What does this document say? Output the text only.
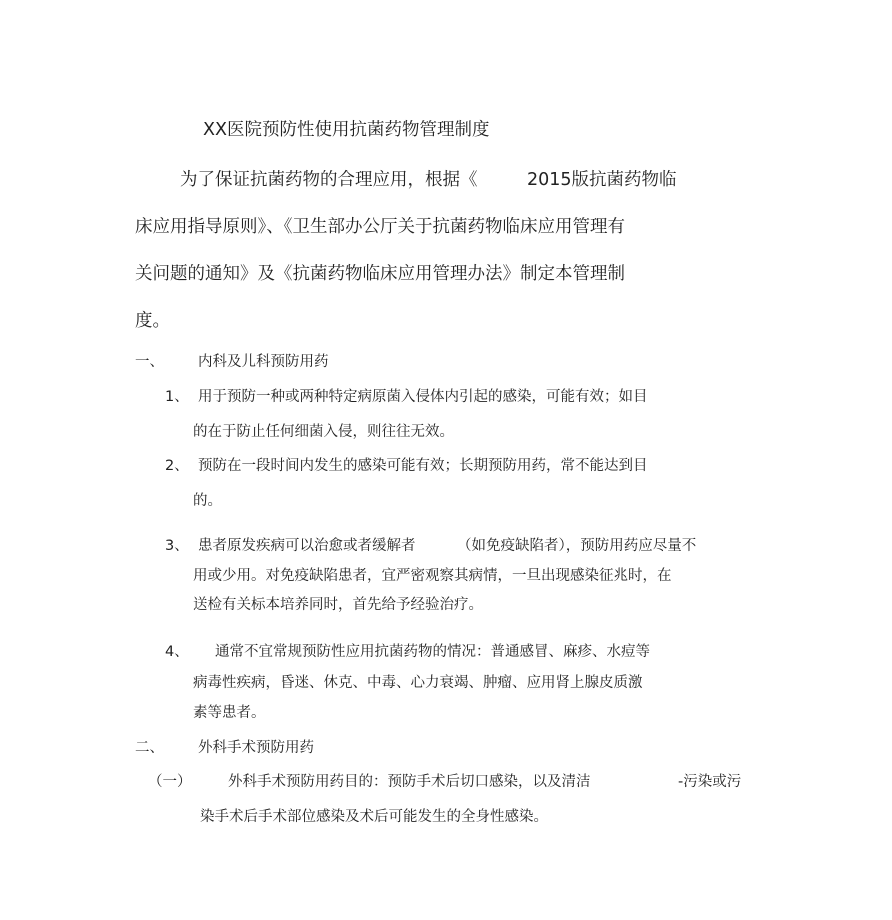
XX医院预防性使用抗菌药物管理制度
为了保证抗菌药物的合理应用，根据《	2015版抗菌药物临
床应用指导原则》、《卫生部办公厅关于抗菌药物临床应用管理有
关问题的通知》及《抗菌药物临床应用管理办法》制定本管理制
度。
一、 内科及儿科预防用药
1、 用于预防一种或两种特定病原菌入侵体内引起的感染，可能有效；如目
的在于防止任何细菌入侵，则往往无效。
2、 预防在一段时间内发生的感染可能有效；长期预防用药，常不能达到目
的。
3、 患者原发疾病可以治愈或者缓解者	（如免疫缺陷者），预防用药应尽量不
用或少用。对免疫缺陷患者，宜严密观察其病情，一旦出现感染征兆时，在
送检有关标本培养同时，首先给予经验治疗。
4、 通常不宜常规预防性应用抗菌药物的情况：普通感冒、麻疹、水痘等
病毒性疾病，昏迷、休克、中毒、心力衰竭、肿瘤、应用肾上腺皮质激
素等患者。
二、 外科手术预防用药
（一）	外科手术预防用药目的：预防手术后切口感染，以及清洁	-污染或污
染手术后手术部位感染及术后可能发生的全身性感染。
